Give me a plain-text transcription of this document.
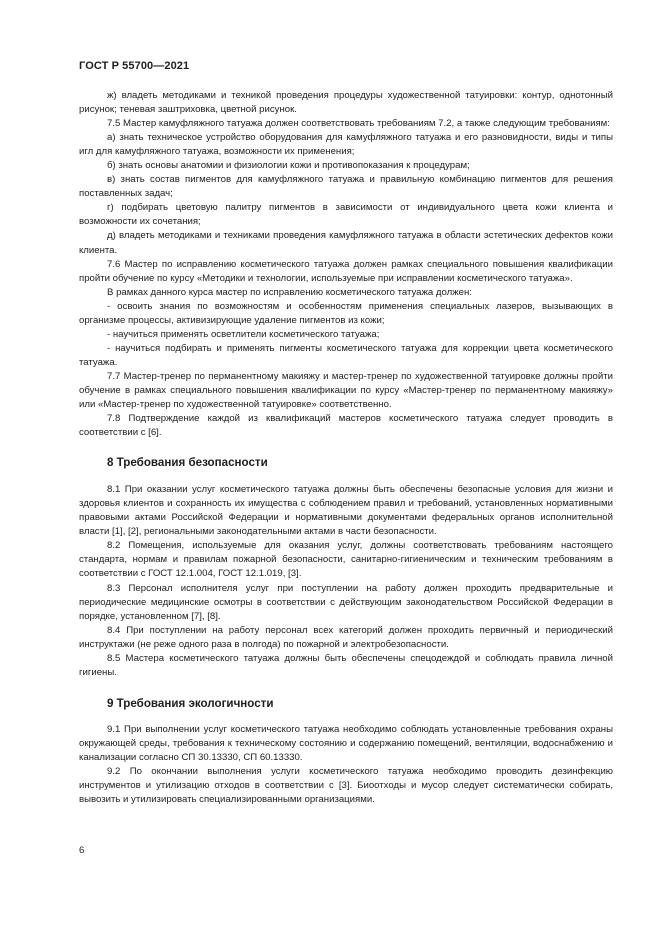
ГОСТ Р 55700—2021

ж) владеть методиками и техникой проведения процедуры художественной татуировки: контур, однотонный рисунок; теневая заштриховка, цветной рисунок.

7.5 Мастер камуфляжного татуажа должен соответствовать требованиям 7.2, а также следующим требованиям:

а) знать техническое устройство оборудования для камуфляжного татуажа и его разновидности, виды и типы игл для камуфляжного татуажа, возможности их применения;

б) знать основы анатомии и физиологии кожи и противопоказания к процедурам;

в) знать состав пигментов для камуфляжного татуажа и правильную комбинацию пигментов для решения поставленных задач;

г) подбирать цветовую палитру пигментов в зависимости от индивидуального цвета кожи клиента и возможности их сочетания;

д) владеть методиками и техниками проведения камуфляжного татуажа в области эстетических дефектов кожи клиента.

7.6 Мастер по исправлению косметического татуажа должен рамках специального повышения квалификации пройти обучение по курсу «Методики и технологии, используемые при исправлении косметического татуажа».

В рамках данного курса мастер по исправлению косметического татуажа должен:

- освоить знания по возможностям и особенностям применения специальных лазеров, вызывающих в организме процессы, активизирующие удаление пигментов из кожи;

- научиться применять осветлители косметического татуажа;

- научиться подбирать и применять пигменты косметического татуажа для коррекции цвета косметического татуажа.

7.7 Мастер-тренер по перманентному макияжу и мастер-тренер по художественной татуировке должны пройти обучение в рамках специального повышения квалификации по курсу «Мастер-тренер по перманентному макияжу» или «Мастер-тренер по художественной татуировке» соответственно.

7.8 Подтверждение каждой из квалификаций мастеров косметического татуажа следует проводить в соответствии с [6].

8 Требования безопасности

8.1 При оказании услуг косметического татуажа должны быть обеспечены безопасные условия для жизни и здоровья клиентов и сохранность их имущества с соблюдением правил и требований, установленных нормативными правовыми актами Российской Федерации и нормативными документами федеральных органов исполнительной власти [1], [2], региональными законодательными актами в части безопасности.

8.2 Помещения, используемые для оказания услуг, должны соответствовать требованиям настоящего стандарта, нормам и правилам пожарной безопасности, санитарно-гигиеническим и техническим требованиям в соответствии с ГОСТ 12.1.004, ГОСТ 12.1.019, [3].

8.3 Персонал исполнителя услуг при поступлении на работу должен проходить предварительные и периодические медицинские осмотры в соответствии с действующим законодательством Российской Федерации в порядке, установленном [7], [8].

8.4 При поступлении на работу персонал всех категорий должен проходить первичный и периодический инструктажи (не реже одного раза в полгода) по пожарной и электробезопасности.

8.5 Мастера косметического татуажа должны быть обеспечены спецодеждой и соблюдать правила личной гигиены.

9 Требования экологичности

9.1 При выполнении услуг косметического татуажа необходимо соблюдать установленные требования охраны окружающей среды, требования к техническому состоянию и содержанию помещений, вентиляции, водоснабжению и канализации согласно СП 30.13330, СП 60.13330.

9.2 По окончании выполнения услуги косметического татуажа необходимо проводить дезинфекцию инструментов и утилизацию отходов в соответствии с [3]. Биоотходы и мусор следует систематически собирать, вывозить и утилизировать специализированными организациями.

6
